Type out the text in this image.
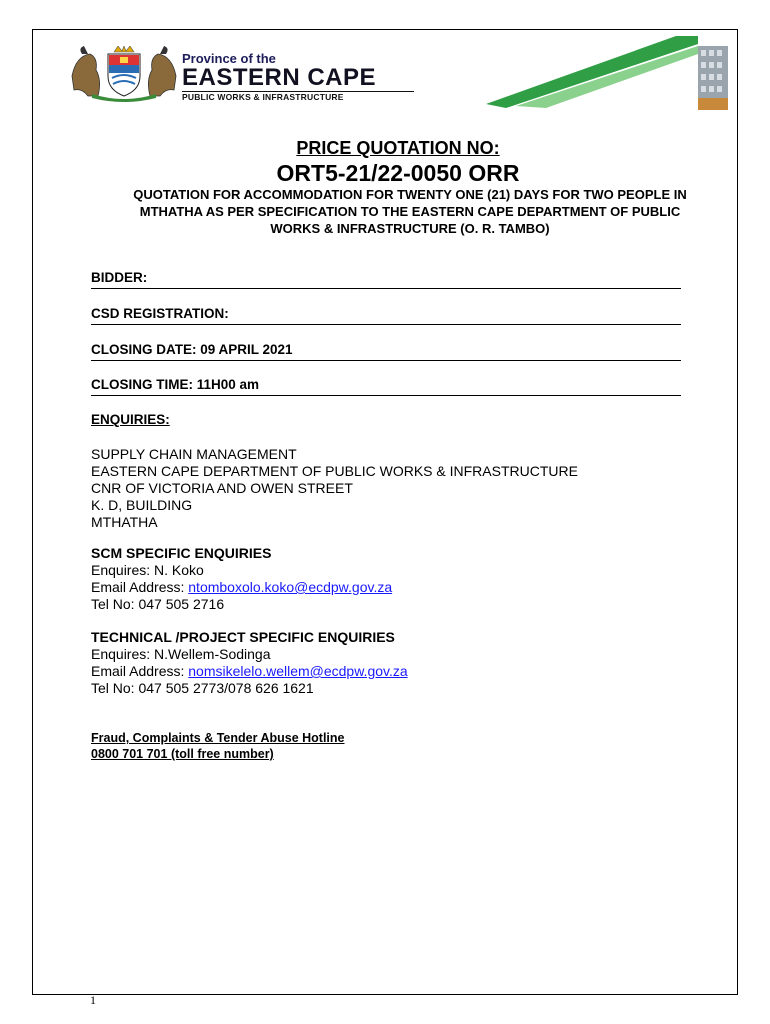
Province of the
EASTERN CAPE
PUBLIC WORKS & INFRASTRUCTURE
PRICE QUOTATION NO:
ORT5-21/22-0050 ORR
QUOTATION FOR ACCOMMODATION FOR TWENTY ONE (21) DAYS FOR TWO PEOPLE IN MTHATHA AS PER SPECIFICATION TO THE EASTERN CAPE DEPARTMENT OF PUBLIC WORKS & INFRASTRUCTURE (O. R. TAMBO)
BIDDER:
CSD REGISTRATION:
CLOSING DATE: 09 APRIL 2021
CLOSING TIME: 11H00 am
ENQUIRIES:
SUPPLY CHAIN MANAGEMENT
EASTERN CAPE DEPARTMENT OF PUBLIC WORKS & INFRASTRUCTURE
CNR OF VICTORIA AND OWEN STREET
K. D, BUILDING
MTHATHA
SCM SPECIFIC ENQUIRIES
Enquires: N. Koko
Email Address: ntomboxolo.koko@ecdpw.gov.za
Tel No: 047 505 2716
TECHNICAL /PROJECT SPECIFIC ENQUIRIES
Enquires: N.Wellem-Sodinga
Email Address: nomsikelelo.wellem@ecdpw.gov.za
Tel No: 047 505 2773/078 626 1621
Fraud, Complaints & Tender Abuse Hotline
0800 701 701 (toll free number)
1
